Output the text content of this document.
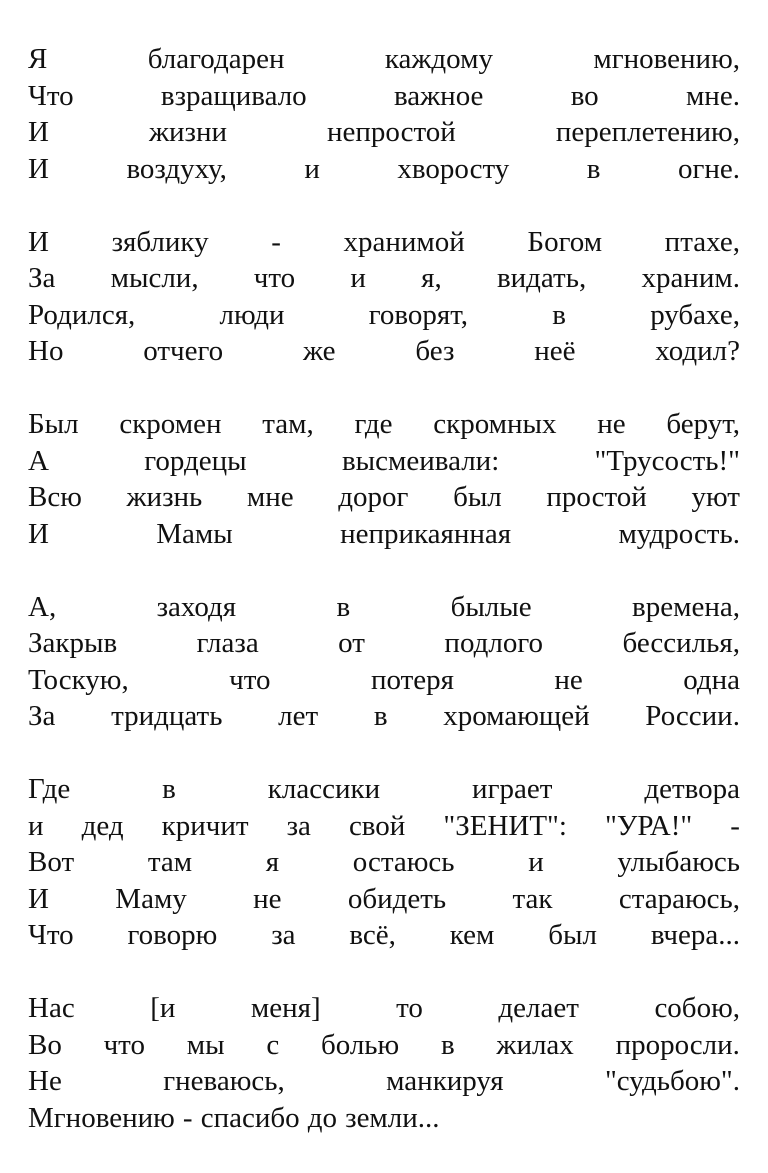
Я	благодарен	каждому	мгновению,
Что	взращивало	важное	во	мне.
И	жизни	непростой	переплетению,
И	воздуху,	и	хворосту	в	огне.
И зяблику - хранимой Богом птахе,
За мысли, что и я, видать, храним.
Родился,	люди	говорят,	в	рубахе,
Но	отчего	же	без	неё	ходил?
Был скромен там, где скромных не берут,
А	гордецы	высмеивали:	"Трусость!"
Всю жизнь мне дорог был простой уют
И	Мамы	неприкаянная	мудрость.
А,	заходя	в	былые	времена,
Закрыв	глаза	от	подлого	бессилья,
Тоскую,	что	потеря	не	одна
За тридцать лет в хромающей России.
Где	в	классики	играет	детвора
и дед кричит за свой "ЗЕНИТ": "УРА!" -
Вот	там	я	остаюсь	и	улыбаюсь
И Маму не обидеть так стараюсь,
Что говорю за всё, кем был вчера...
Нас	[и	меня]	то	делает	собою,
Во что мы с болью в жилах проросли.
Не	гневаюсь,	манкируя	"судьбою".
Мгновению - спасибо до земли...
